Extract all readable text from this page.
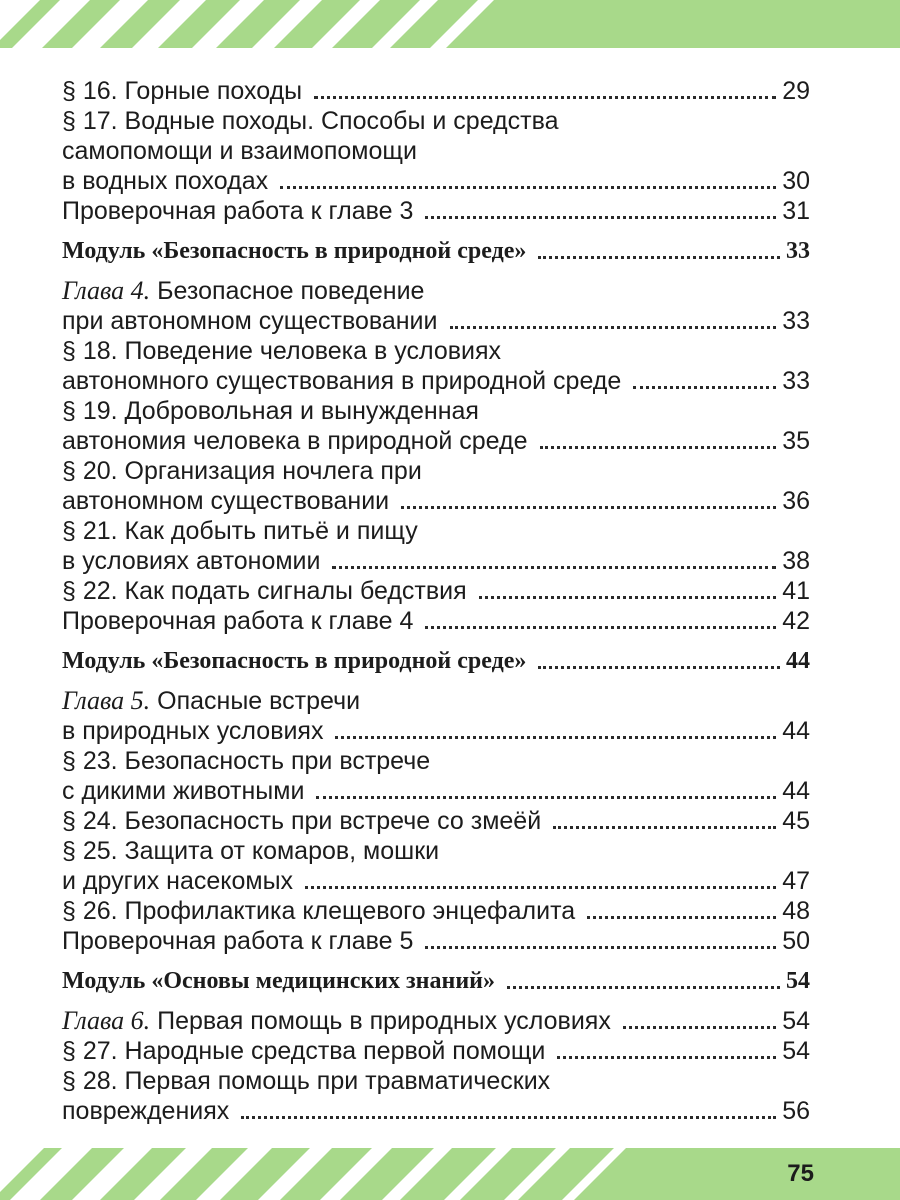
§ 16. Горные походы	29
§ 17. Водные походы. Способы и средства
самопомощи и взаимопомощи
в водных походах	30
Проверочная работа к главе 3	31
Модуль «Безопасность в природной среде»	33
Глава 4. Безопасное поведение
при автономном существовании	33
§ 18. Поведение человека в условиях
автономного существования в природной среде	33
§ 19. Добровольная и вынужденная
автономия человека в природной среде	35
§ 20. Организация ночлега при
автономном существовании	36
§ 21. Как добыть питьё и пищу
в условиях автономии	38
§ 22. Как подать сигналы бедствия	41
Проверочная работа к главе 4	42
Модуль «Безопасность в природной среде»	44
Глава 5. Опасные встречи
в природных условиях	44
§ 23. Безопасность при встрече
с дикими животными	44
§ 24. Безопасность при встрече со змеёй	45
§ 25. Защита от комаров, мошки
и других насекомых	47
§ 26. Профилактика клещевого энцефалита	48
Проверочная работа к главе 5	50
Модуль «Основы медицинских знаний»	54
Глава 6. Первая помощь в природных условиях	54
§ 27. Народные средства первой помощи	54
§ 28. Первая помощь при травматических
повреждениях	56
75
